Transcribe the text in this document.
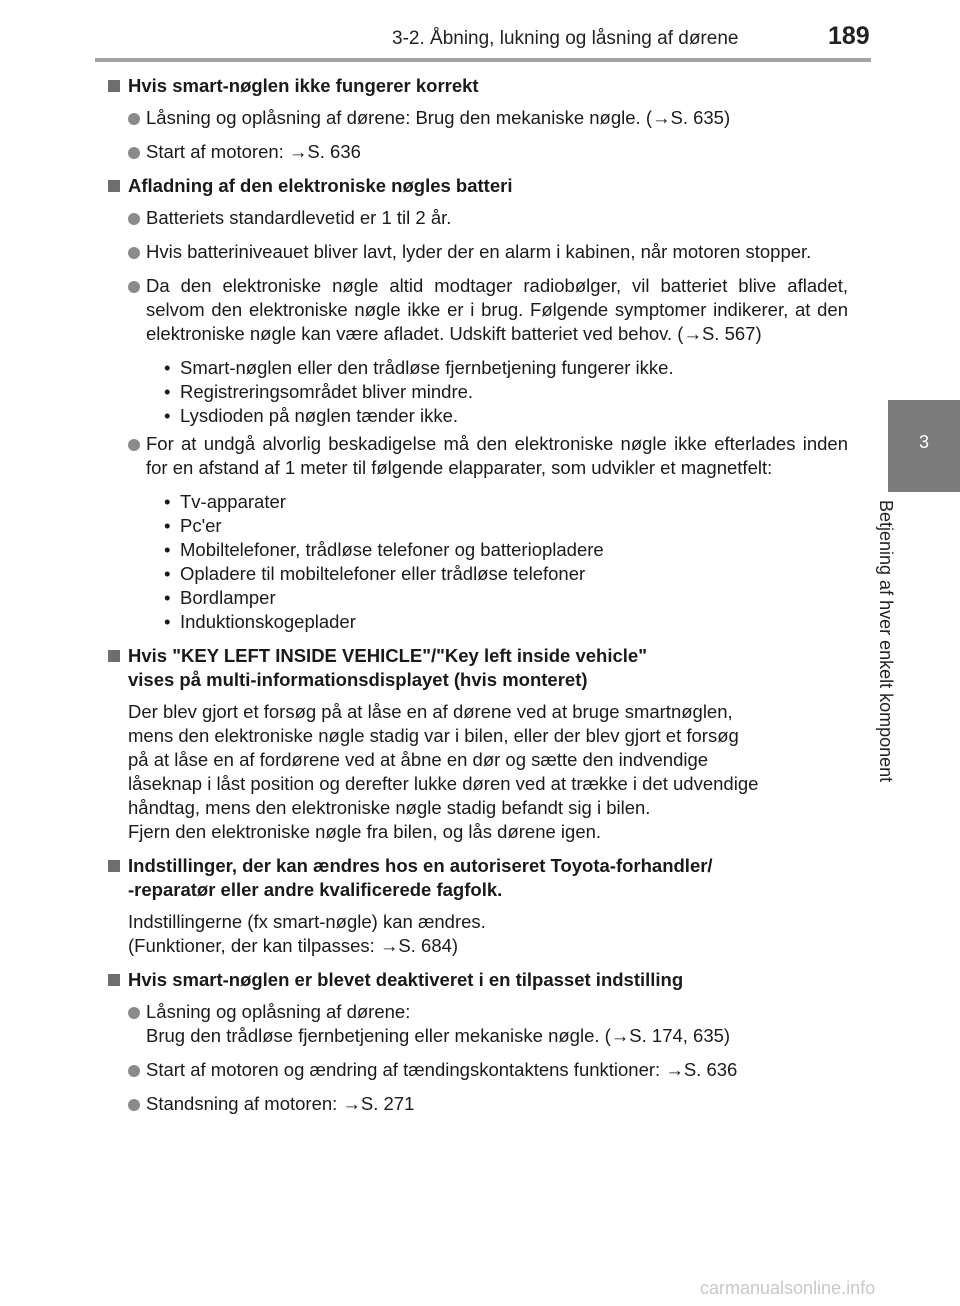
3-2. Åbning, lukning og låsning af dørene	189
3
Betjening af hver enkelt komponent
Hvis smart-nøglen ikke fungerer korrekt
Låsning og oplåsning af dørene: Brug den mekaniske nøgle. (→S. 635)
Start af motoren: →S. 636
Afladning af den elektroniske nøgles batteri
Batteriets standardlevetid er 1 til 2 år.
Hvis batteriniveauet bliver lavt, lyder der en alarm i kabinen, når motoren stopper.
Da den elektroniske nøgle altid modtager radiobølger, vil batteriet blive afladet, selvom den elektroniske nøgle ikke er i brug. Følgende symptomer indikerer, at den elektroniske nøgle kan være afladet. Udskift batteriet ved behov. (→S. 567)
• Smart-nøglen eller den trådløse fjernbetjening fungerer ikke.
• Registreringsområdet bliver mindre.
• Lysdioden på nøglen tænder ikke.
For at undgå alvorlig beskadigelse må den elektroniske nøgle ikke efterlades inden for en afstand af 1 meter til følgende elapparater, som udvikler et magnetfelt:
• Tv-apparater
• Pc'er
• Mobiltelefoner, trådløse telefoner og batteriopladere
• Opladere til mobiltelefoner eller trådløse telefoner
• Bordlamper
• Induktionskogeplader
Hvis "KEY LEFT INSIDE VEHICLE"/"Key left inside vehicle"
vises på multi-informationsdisplayet (hvis monteret)

Der blev gjort et forsøg på at låse en af dørene ved at bruge smartnøglen,

mens den elektroniske nøgle stadig var i bilen, eller der blev gjort et forsøg

på at låse en af fordørene ved at åbne en dør og sætte den indvendige

låseknap i låst position og derefter lukke døren ved at trække i det udvendige

håndtag, mens den elektroniske nøgle stadig befandt sig i bilen.

Fjern den elektroniske nøgle fra bilen, og lås dørene igen.

Indstillinger, der kan ændres hos en autoriseret Toyota-forhandler/
-reparatør eller andre kvalificerede fagfolk.

Indstillingerne (fx smart-nøgle) kan ændres.

(Funktioner, der kan tilpasses: →S. 684)

Hvis smart-nøglen er blevet deaktiveret i en tilpasset indstilling
Låsning og oplåsning af dørene:
Brug den trådløse fjernbetjening eller mekaniske nøgle. (→S. 174, 635)
Start af motoren og ændring af tændingskontaktens funktioner: →S. 636
Standsning af motoren: →S. 271
carmanualsonline.info
